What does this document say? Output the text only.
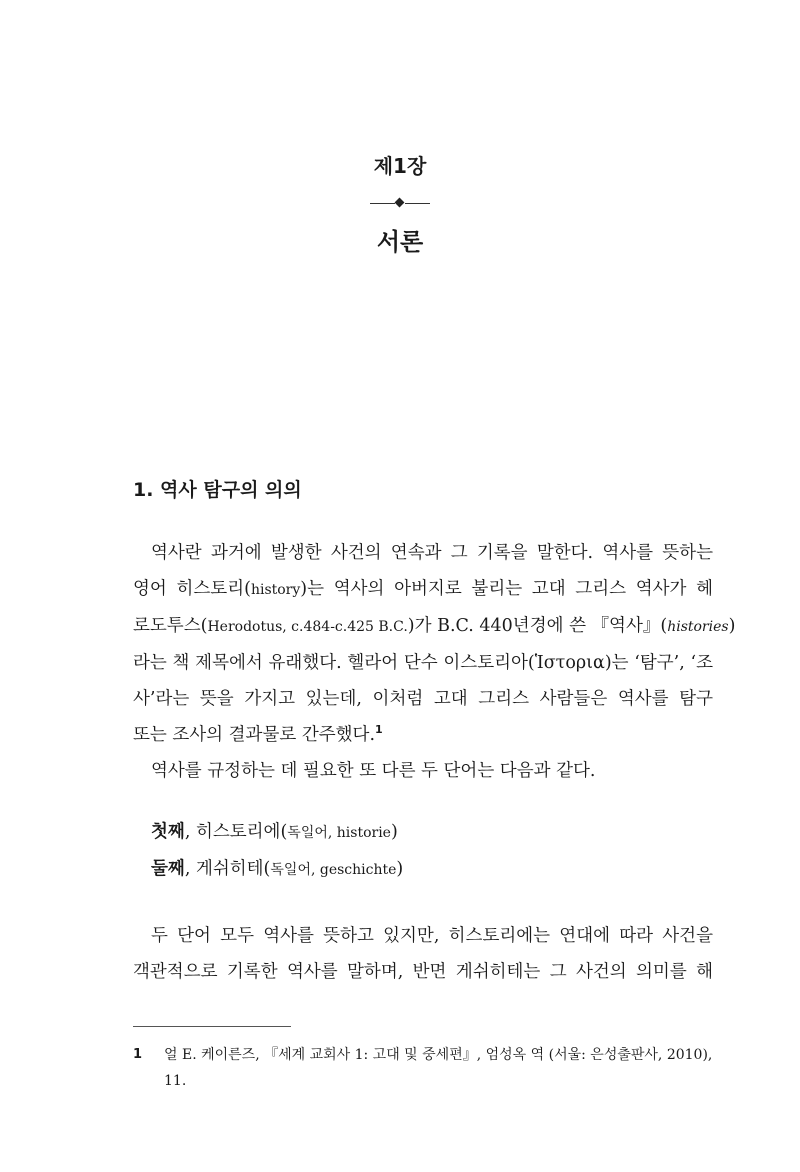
제1장
서론
1. 역사 탐구의 의의
역사란 과거에 발생한 사건의 연속과 그 기록을 말한다. 역사를 뜻하는
영어 히스토리(history)는 역사의 아버지로 불리는 고대 그리스 역사가 헤
로도투스(Herodotus, c.484-c.425 B.C.)가 B.C. 440년경에 쓴 『역사』(histories)
라는 책 제목에서 유래했다. 헬라어 단수 이스토리아(Ἱστορια)는 ‘탐구’, ‘조
사’라는 뜻을 가지고 있는데, 이처럼 고대 그리스 사람들은 역사를 탐구
또는 조사의 결과물로 간주했다.$^1$
역사를 규정하는 데 필요한 또 다른 두 단어는 다음과 같다.
첫째, 히스토리에(독일어, historie)
둘째, 게쉬히테(독일어, geschichte)
두 단어 모두 역사를 뜻하고 있지만, 히스토리에는 연대에 따라 사건을
객관적으로 기록한 역사를 말하며, 반면 게쉬히테는 그 사건의 의미를 해
1 얼 E. 케이른즈, 『세계 교회사 1: 고대 및 중세편』, 엄성옥 역 (서울: 은성출판사, 2010),
11.
